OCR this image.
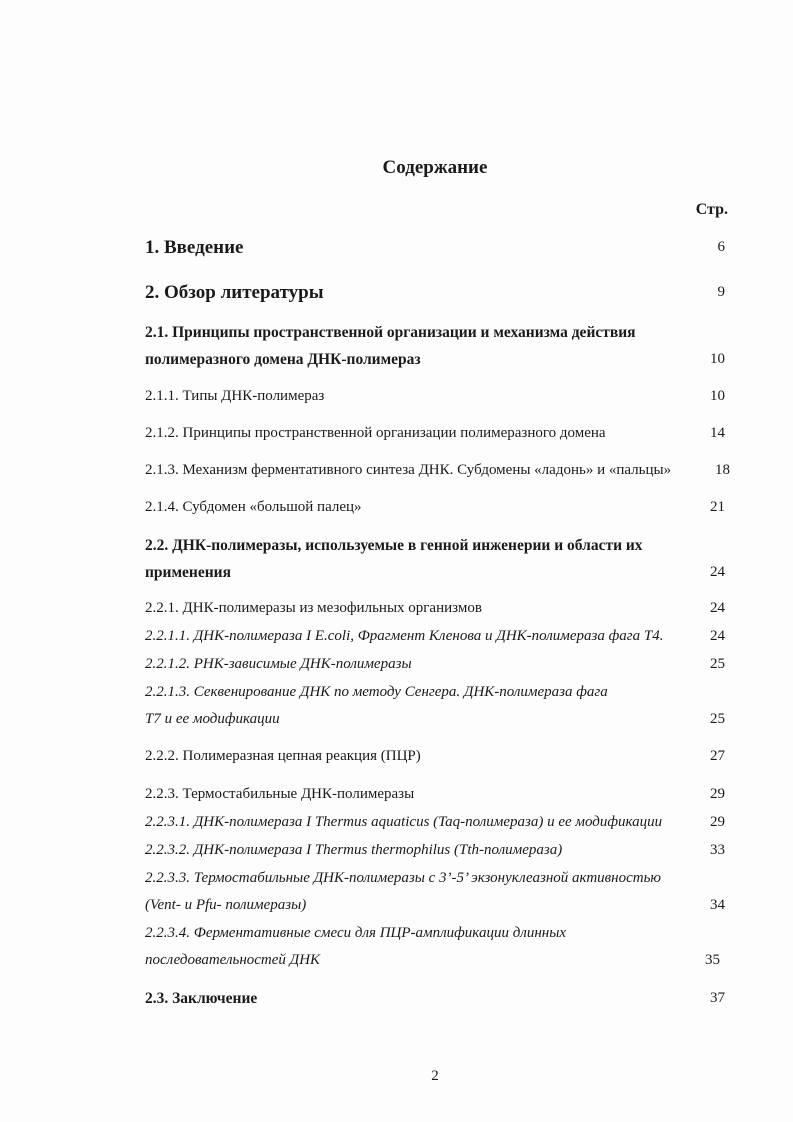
Содержание
Стр.
1. Введение	6
2. Обзор литературы	9
2.1. Принципы пространственной организации и механизма действия полимеразного домена ДНК-полимераз	10
2.1.1. Типы ДНК-полимераз	10
2.1.2. Принципы пространственной организации полимеразного домена	14
2.1.3. Механизм ферментативного синтеза ДНК. Субдомены «ладонь» и «пальцы»	18
2.1.4. Субдомен «большой палец»	21
2.2. ДНК-полимеразы, используемые в генной инженерии и области их применения	24
2.2.1. ДНК-полимеразы из мезофильных организмов	24
2.2.1.1. ДНК-полимераза I E.coli, Фрагмент Кленова и ДНК-полимераза фага Т4.	24
2.2.1.2. РНК-зависимые ДНК-полимеразы	25
2.2.1.3. Секвенирование ДНК по методу Сенгера. ДНК-полимераза фага Т7 и ее модификации	25
2.2.2. Полимеразная цепная реакция (ПЦР)	27
2.2.3. Термостабильные ДНК-полимеразы	29
2.2.3.1. ДНК-полимераза I Thermus aquaticus (Taq-полимераза) и ее модификации	29
2.2.3.2. ДНК-полимераза I Thermus thermophilus (Tth-полимераза)	33
2.2.3.3. Термостабильные ДНК-полимеразы с 3’-5’ экзонуклеазной активностью (Vent- и Pfu- полимеразы)	34
2.2.3.4. Ферментативные смеси для ПЦР-амплификации длинных последовательностей ДНК	35
2.3. Заключение	37
2
